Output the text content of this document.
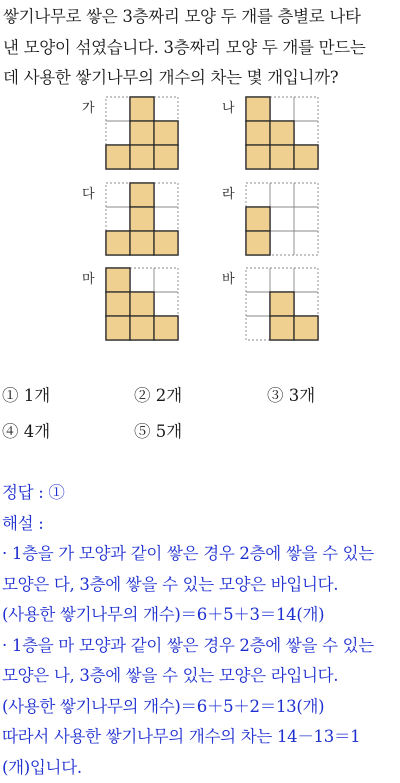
쌓기나무로 쌓은 3층짜리 모양 두 개를 층별로 나타
낸 모양이 섞였습니다. 3층짜리 모양 두 개를 만드는
데 사용한 쌓기나무의 개수의 차는 몇 개입니까?
가	나
다	라
마	바
① 1개	② 2개	③ 3개
④ 4개	⑤ 5개
정답 : ①
해설 :
· 1층을 가 모양과 같이 쌓은 경우 2층에 쌓을 수 있는
모양은 다, 3층에 쌓을 수 있는 모양은 바입니다.
(사용한 쌓기나무의 개수)＝6＋5＋3＝14(개)
· 1층을 마 모양과 같이 쌓은 경우 2층에 쌓을 수 있는
모양은 나, 3층에 쌓을 수 있는 모양은 라입니다.
(사용한 쌓기나무의 개수)＝6＋5＋2＝13(개)
따라서 사용한 쌓기나무의 개수의 차는 14－13＝1
(개)입니다.
